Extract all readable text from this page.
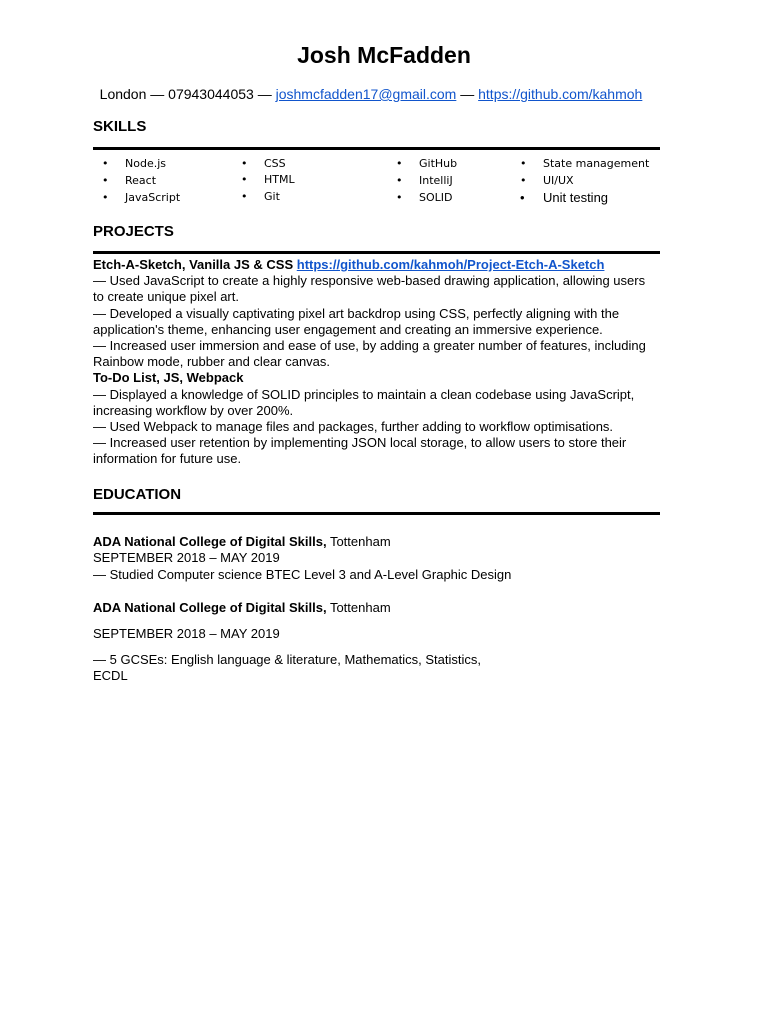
Josh McFadden
London — 07943044053 — joshmcfadden17@gmail.com — https://github.com/kahmoh
SKILLS
• Node.js
• React
• JavaScript
• CSS
• HTML
• Git
• GitHub
• IntelliJ
• SOLID
• State management
• UI/UX
• Unit testing
PROJECTS
Etch-A-Sketch, Vanilla JS & CSS https://github.com/kahmoh/Project-Etch-A-Sketch
— Used JavaScript to create a highly responsive web-based drawing application, allowing users
to create unique pixel art.
— Developed a visually captivating pixel art backdrop using CSS, perfectly aligning with the
application's theme, enhancing user engagement and creating an immersive experience.
— Increased user immersion and ease of use, by adding a greater number of features, including
Rainbow mode, rubber and clear canvas.
To-Do List, JS, Webpack
— Displayed a knowledge of SOLID principles to maintain a clean codebase using JavaScript,
increasing workflow by over 200%.
— Used Webpack to manage files and packages, further adding to workflow optimisations.
— Increased user retention by implementing JSON local storage, to allow users to store their
information for future use.
EDUCATION
ADA National College of Digital Skills, Tottenham
SEPTEMBER 2018 – MAY 2019
— Studied Computer science BTEC Level 3 and A-Level Graphic Design
ADA National College of Digital Skills, Tottenham
SEPTEMBER 2018 – MAY 2019
— 5 GCSEs: English language & literature, Mathematics, Statistics,
ECDL
